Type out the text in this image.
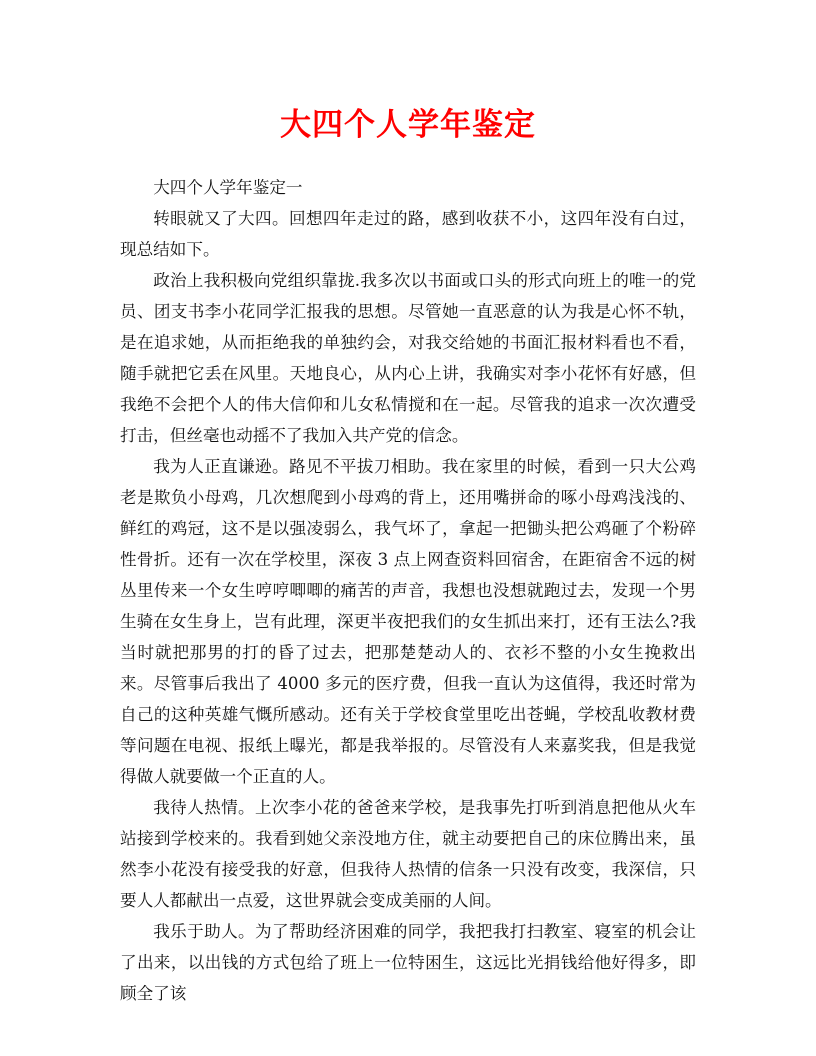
大四个人学年鉴定

大四个人学年鉴定一

转眼就又了大四。回想四年走过的路，感到收获不小，这四年没有白过，现总结如下。

政治上我积极向党组织靠拢.我多次以书面或口头的形式向班上的唯一的党员、团支书李小花同学汇报我的思想。尽管她一直恶意的认为我是心怀不轨，是在追求她，从而拒绝我的单独约会，对我交给她的书面汇报材料看也不看，随手就把它丢在风里。天地良心，从内心上讲，我确实对李小花怀有好感，但我绝不会把个人的伟大信仰和儿女私情搅和在一起。尽管我的追求一次次遭受打击，但丝毫也动摇不了我加入共产党的信念。

我为人正直谦逊。路见不平拔刀相助。我在家里的时候，看到一只大公鸡老是欺负小母鸡，几次想爬到小母鸡的背上，还用嘴拼命的啄小母鸡浅浅的、鲜红的鸡冠，这不是以强凌弱么，我气坏了，拿起一把锄头把公鸡砸了个粉碎性骨折。还有一次在学校里，深夜 3 点上网查资料回宿舍，在距宿舍不远的树丛里传来一个女生哼哼唧唧的痛苦的声音，我想也没想就跑过去，发现一个男生骑在女生身上，岂有此理，深更半夜把我们的女生抓出来打，还有王法么?我当时就把那男的打的昏了过去，把那楚楚动人的、衣衫不整的小女生挽救出来。尽管事后我出了 4000 多元的医疗费，但我一直认为这值得，我还时常为自己的这种英雄气慨所感动。还有关于学校食堂里吃出苍蝇，学校乱收教材费等问题在电视、报纸上曝光，都是我举报的。尽管没有人来嘉奖我，但是我觉得做人就要做一个正直的人。

我待人热情。上次李小花的爸爸来学校，是我事先打听到消息把他从火车站接到学校来的。我看到她父亲没地方住，就主动要把自己的床位腾出来，虽然李小花没有接受我的好意，但我待人热情的信条一只没有改变，我深信，只要人人都献出一点爱，这世界就会变成美丽的人间。

我乐于助人。为了帮助经济困难的同学，我把我打扫教室、寝室的机会让了出来，以出钱的方式包给了班上一位特困生，这远比光捐钱给他好得多，即顾全了该
